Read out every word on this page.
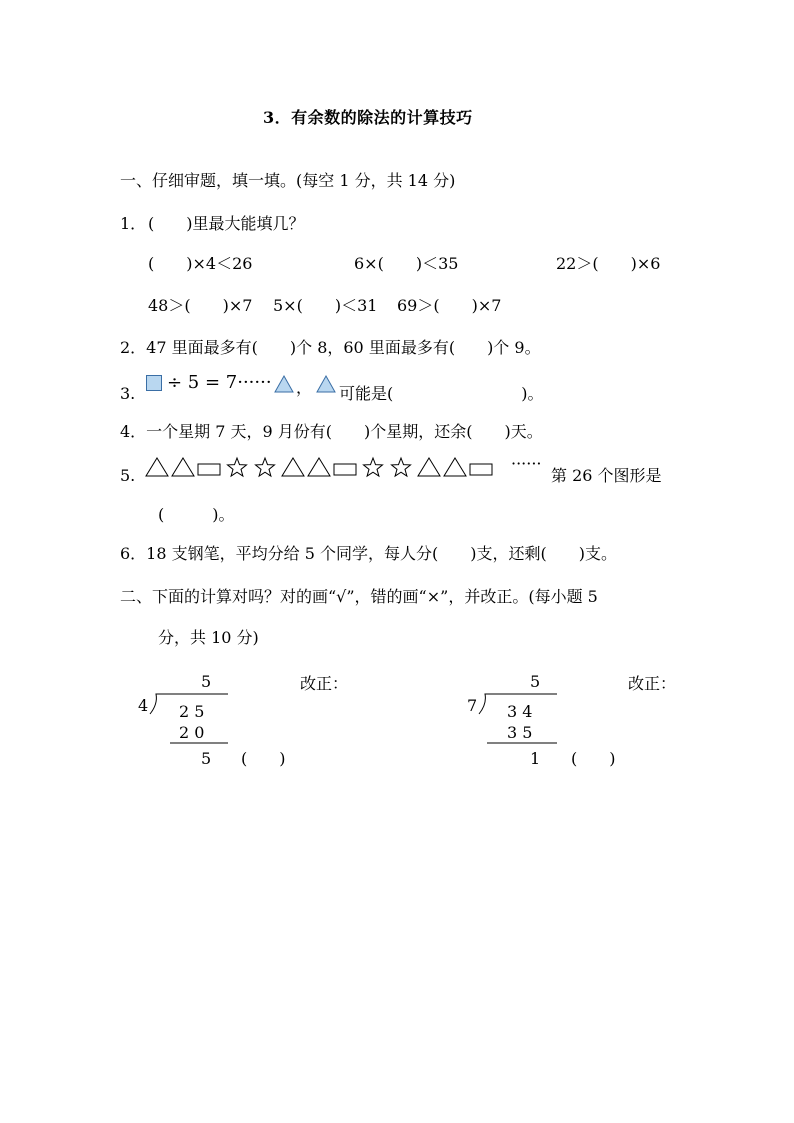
3．有余数的除法的计算技巧
一、仔细审题，填一填。(每空 1 分，共 14 分)
1． (　　)里最大能填几？
(　　)×4＜26	6×(　　)＜35	22＞(　　)×6
48＞(　　)×7 5×(　　)＜31 69＞(　　)×7
2．47 里面最多有(　　)个 8，60 里面最多有(　　)个 9。
3.
÷ 5 = 7······ ， 可能是(　　　　　　　　)。
4．一个星期 7 天，9 月份有(　　)个星期，还余(　　)天。
5.
······
第 26 个图形是
(　　　)。
6．18 支钢笔，平均分给 5 个同学，每人分(　　)支，还剩(　　)支。
二、下面的计算对吗？对的画“√”，错的画“×”，并改正。(每小题 5
分，共 10 分)
5
4 2 5
2 0
5 (　　)
改正：	5
7 3 4
3 5
1 (　　)
改正：
